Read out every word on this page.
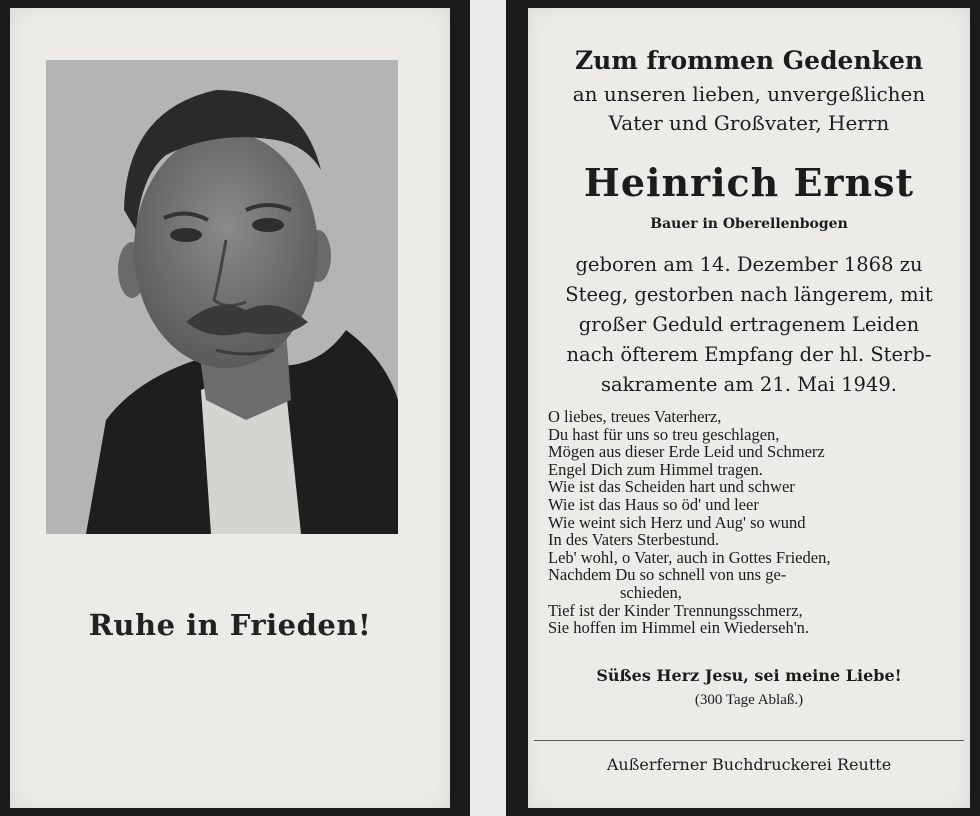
Ruhe in Frieden!
Zum frommen Gedenken
an unseren lieben, unvergeßlichen
Vater und Großvater, Herrn
Heinrich Ernst
Bauer in Oberellenbogen
geboren am 14. Dezember 1868 zu
Steeg, gestorben nach längerem, mit
großer Geduld ertragenem Leiden
nach öfterem Empfang der hl. Sterb-
sakramente am 21. Mai 1949.
O liebes, treues Vaterherz,
Du hast für uns so treu geschlagen,
Mögen aus dieser Erde Leid und Schmerz
Engel Dich zum Himmel tragen.
Wie ist das Scheiden hart und schwer
Wie ist das Haus so öd' und leer
Wie weint sich Herz und Aug' so wund
In des Vaters Sterbestund.
Leb' wohl, o Vater, auch in Gottes Frieden,
Nachdem Du so schnell von uns ge-
schieden,
Tief ist der Kinder Trennungsschmerz,
Sie hoffen im Himmel ein Wiederseh'n.
Süßes Herz Jesu, sei meine Liebe!
(300 Tage Ablaß.)
Außerferner Buchdruckerei Reutte
